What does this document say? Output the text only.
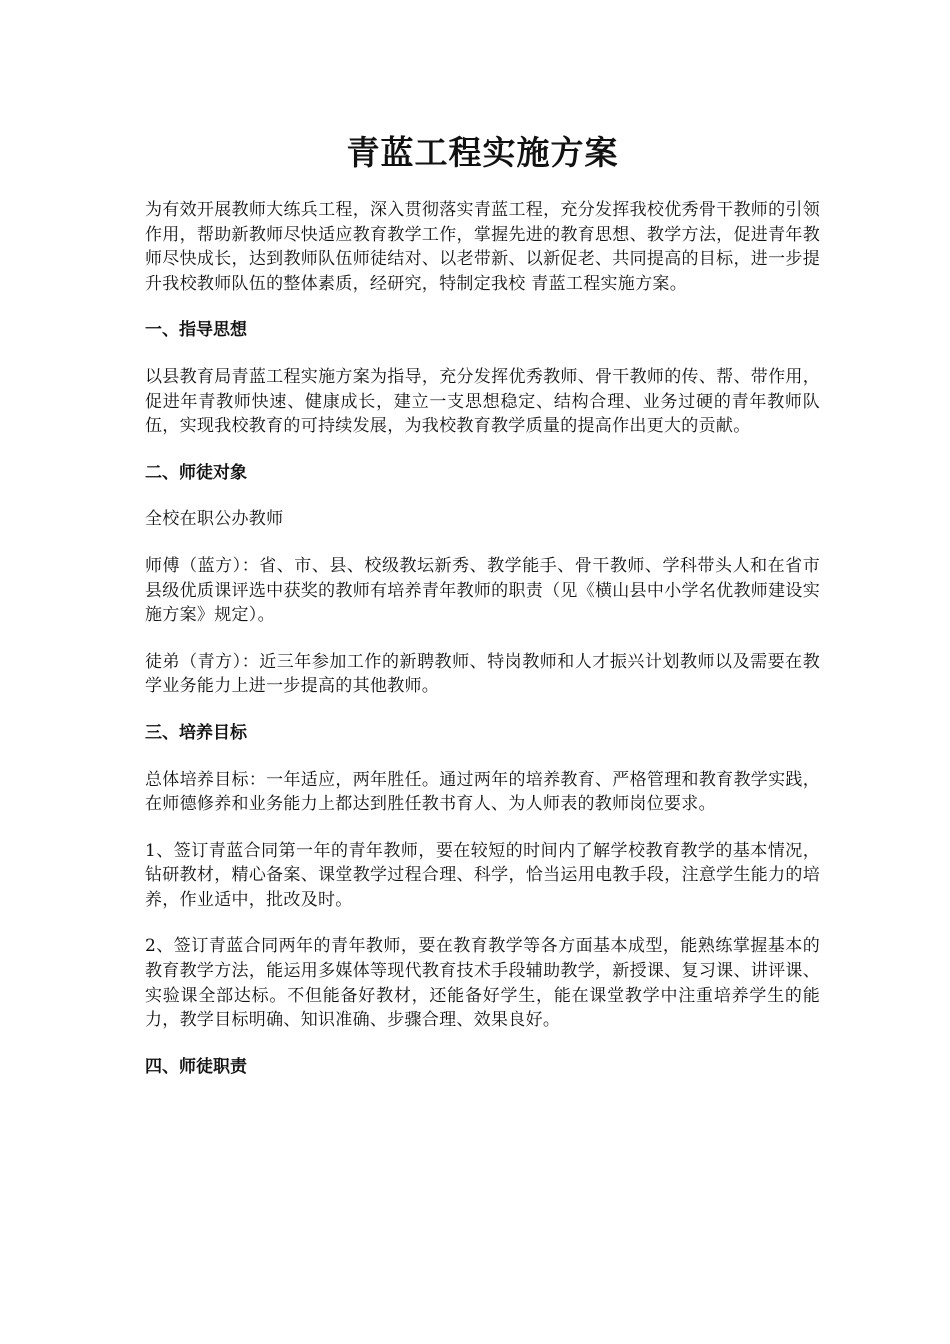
青蓝工程实施方案

为有效开展教师大练兵工程，深入贯彻落实青蓝工程，充分发挥我校优秀骨干教师的引领作用，帮助新教师尽快适应教育教学工作，掌握先进的教育思想、教学方法，促进青年教师尽快成长，达到教师队伍师徒结对、以老带新、以新促老、共同提高的目标，进一步提升我校教师队伍的整体素质，经研究，特制定我校 青蓝工程实施方案。

一、指导思想

以县教育局青蓝工程实施方案为指导，充分发挥优秀教师、骨干教师的传、帮、带作用，促进年青教师快速、健康成长，建立一支思想稳定、结构合理、业务过硬的青年教师队伍，实现我校教育的可持续发展，为我校教育教学质量的提高作出更大的贡献。

二、师徒对象

全校在职公办教师

师傅（蓝方）：省、市、县、校级教坛新秀、教学能手、骨干教师、学科带头人和在省市县级优质课评选中获奖的教师有培养青年教师的职责（见《横山县中小学名优教师建设实施方案》规定）。

徒弟（青方）：近三年参加工作的新聘教师、特岗教师和人才振兴计划教师以及需要在教学业务能力上进一步提高的其他教师。

三、培养目标

总体培养目标：一年适应，两年胜任。通过两年的培养教育、严格管理和教育教学实践，在师德修养和业务能力上都达到胜任教书育人、为人师表的教师岗位要求。

1、签订青蓝合同第一年的青年教师，要在较短的时间内了解学校教育教学的基本情况，钻研教材，精心备案、课堂教学过程合理、科学，恰当运用电教手段，注意学生能力的培养，作业适中，批改及时。

2、签订青蓝合同两年的青年教师，要在教育教学等各方面基本成型，能熟练掌握基本的教育教学方法，能运用多媒体等现代教育技术手段辅助教学，新授课、复习课、讲评课、实验课全部达标。不但能备好教材，还能备好学生，能在课堂教学中注重培养学生的能力，教学目标明确、知识准确、步骤合理、效果良好。

四、师徒职责
